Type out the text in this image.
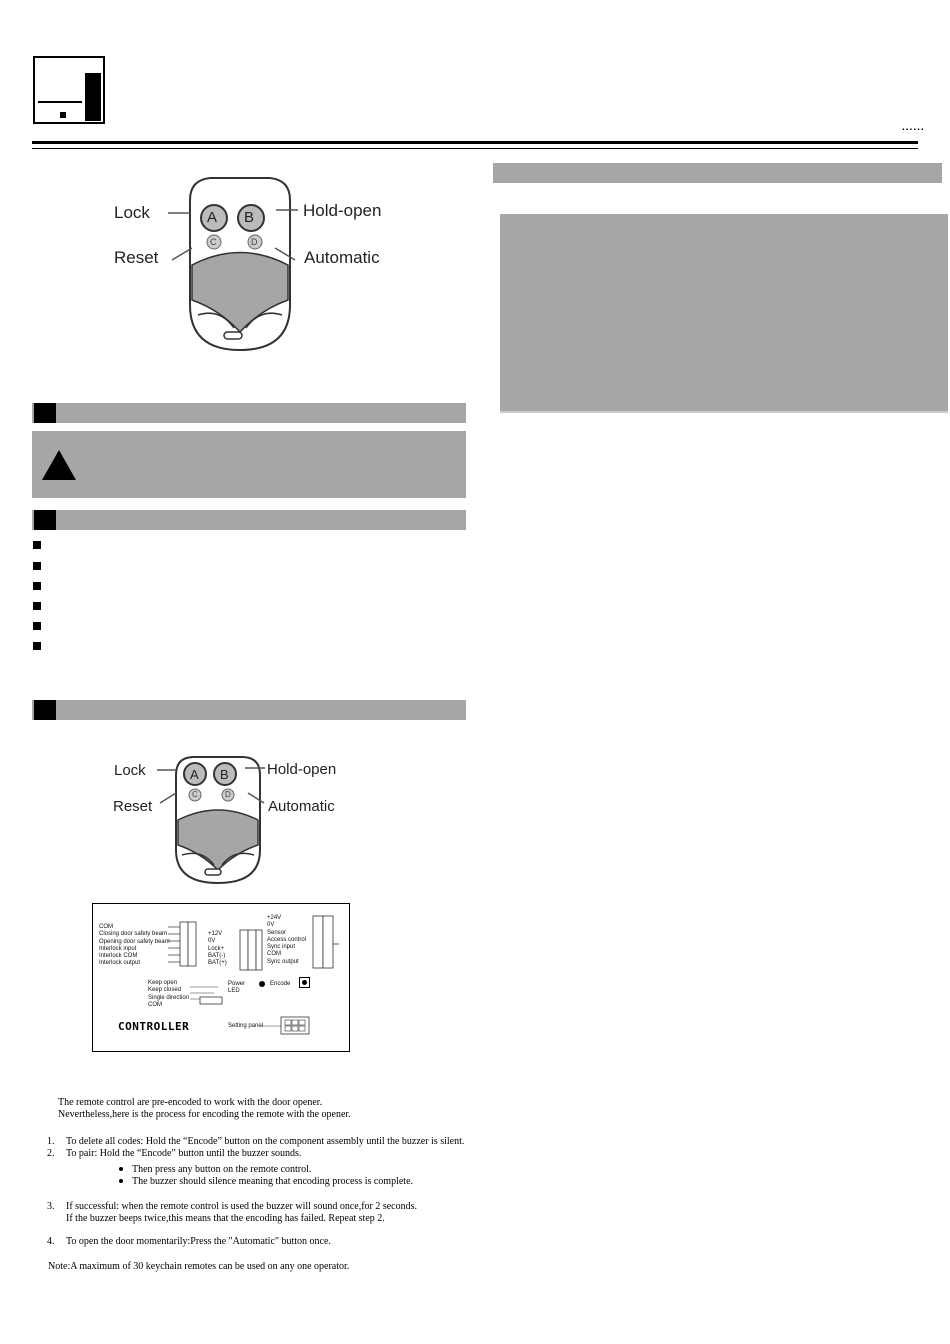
......
Lock	Hold-open
Reset	Automatic
A B
C	D
Lock	Hold-open
Reset	Automatic
A B
C	D
COM
Closing door safety beam
Opening door safety beam
Interlock input
Interlock COM
Interlock output
+12V
0V
Lock+
BAT(-)
BAT(+)
+24V
0V
Sensor
Access control
Sync input
COM
Sync output
Keep open
Keep closed
Single direction
COM
Power
LED
Encode
CONTROLLER	Setting panel
The remote control are pre-encoded to work with the door opener.
Nevertheless,here is the process for encoding the remote with the opener.
1. To delete all codes: Hold the “Encode” button on the component assembly until the buzzer is silent.
2. To pair: Hold the “Encode” button until the buzzer sounds.
Then press any button on the remote control.
The buzzer should silence meaning that encoding process is complete.
3. If successful: when the remote control is used the buzzer will sound once,for 2 seconds.
If the buzzer beeps twice,this means that the encoding has failed. Repeat step 2.
4. To open the door momentarily:Press the "Automatic" button once.
Note:A maximum of 30 keychain remotes can be used on any one operator.
